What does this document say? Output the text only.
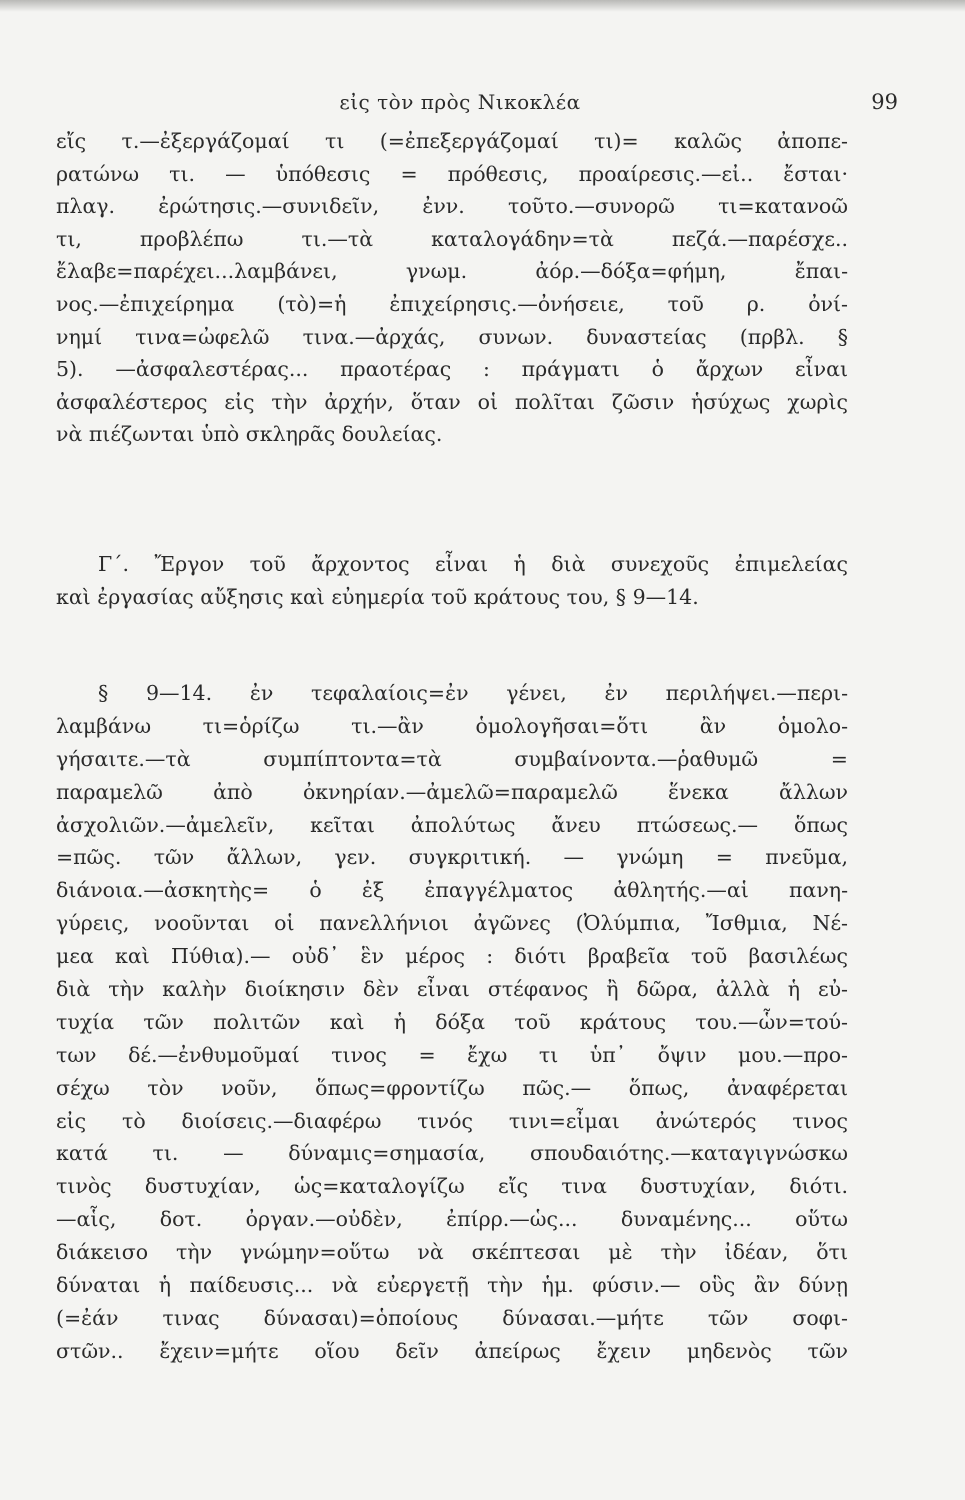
εἰς τὸν πρὸς Νικοκλέα	99
εἴς τ.—ἐξεργάζομαί τι (=ἐπεξεργάζομαί τι)= καλῶς ἀποπε-
ρατώνω τι. — ὑπόθεσις = πρόθεσις, προαίρεσις.—εἰ.. ἔσται·
πλαγ. ἐρώτησις.—συνιδεῖν, ἐνν. τοῦτο.—συνορῶ τι=κατανοῶ
τι, προβλέπω τι.—τὰ καταλογάδην=τὰ πεζά.—παρέσχε..
ἔλαβε=παρέχει...λαμβάνει, γνωμ. ἀόρ.—δόξα=φήμη, ἔπαι-
νος.—ἐπιχείρημα (τὸ)=ἡ ἐπιχείρησις.—ὀνήσειε, τοῦ ρ. ὀνί-
νημί τινα=ὠφελῶ τινα.—ἀρχάς, συνων. δυναστείας (πρβλ. §
5). —ἀσφαλεστέρας... πραοτέρας : πράγματι ὁ ἄρχων εἶναι
ἀσφαλέστερος εἰς τὴν ἀρχήν, ὅταν οἱ πολῖται ζῶσιν ἡσύχως χωρὶς
νὰ πιέζωνται ὑπὸ σκληρᾶς δουλείας.
Γ΄. Ἔργον τοῦ ἄρχοντος εἶναι ἡ διὰ συνεχοῦς ἐπιμελείας
καὶ ἐργασίας αὔξησις καὶ εὐημερία τοῦ κράτους του, § 9—14.
§ 9—14. ἐν τεφαλαίοις=ἐν γένει, ἐν περιλήψει.—περι-
λαμβάνω τι=ὁρίζω τι.—ἂν ὁμολογῆσαι=ὅτι ἂν ὁμολο-
γήσαιτε.—τὰ συμπίπτοντα=τὰ συμβαίνοντα.—ῥαθυμῶ =
παραμελῶ ἀπὸ ὀκνηρίαν.—ἀμελῶ=παραμελῶ ἕνεκα ἄλλων
ἀσχολιῶν.—ἀμελεῖν, κεῖται ἀπολύτως ἄνευ πτώσεως.— ὅπως
=πῶς. τῶν ἄλλων, γεν. συγκριτική. — γνώμη = πνεῦμα,
διάνοια.—ἀσκητὴς= ὁ ἐξ ἐπαγγέλματος ἀθλητής.—αἱ πανη-
γύρεις, νοοῦνται οἱ πανελλήνιοι ἀγῶνες (Ὀλύμπια, Ἴσθμια, Νέ-
μεα καὶ Πύθια).— οὐδ᾽ ἓν μέρος : διότι βραβεῖα τοῦ βασιλέως
διὰ τὴν καλὴν διοίκησιν δὲν εἶναι στέφανος ἢ δῶρα, ἀλλὰ ἡ εὐ-
τυχία τῶν πολιτῶν καὶ ἡ δόξα τοῦ κράτους του.—ὧν=τού-
των δέ.—ἐνθυμοῦμαί τινος = ἔχω τι ὑπ᾽ ὄψιν μου.—προ-
σέχω τὸν νοῦν, ὅπως=φροντίζω πῶς.— ὅπως, ἀναφέρεται
εἰς τὸ διοίσεις.—διαφέρω τινός τινι=εἶμαι ἀνώτερός τινος
κατά τι. — δύναμις=σημασία, σπουδαιότης.—καταγιγνώσκω
τινὸς δυστυχίαν, ὡς=καταλογίζω εἴς τινα δυστυχίαν, διότι.
—αἷς, δοτ. ὀργαν.—οὐδὲν, ἐπίρρ.—ὡς... δυναμένης... οὕτω
διάκεισο τὴν γνώμην=οὕτω νὰ σκέπτεσαι μὲ τὴν ἰδέαν, ὅτι
δύναται ἡ παίδευσις... νὰ εὐεργετῇ τὴν ἡμ. φύσιν.— οὓς ἂν δύνῃ
(=ἐάν τινας δύνασαι)=ὁποίους δύνασαι.—μήτε τῶν σοφι-
στῶν.. ἔχειν=μήτε οἵου δεῖν ἀπείρως ἔχειν μηδενὸς τῶν
